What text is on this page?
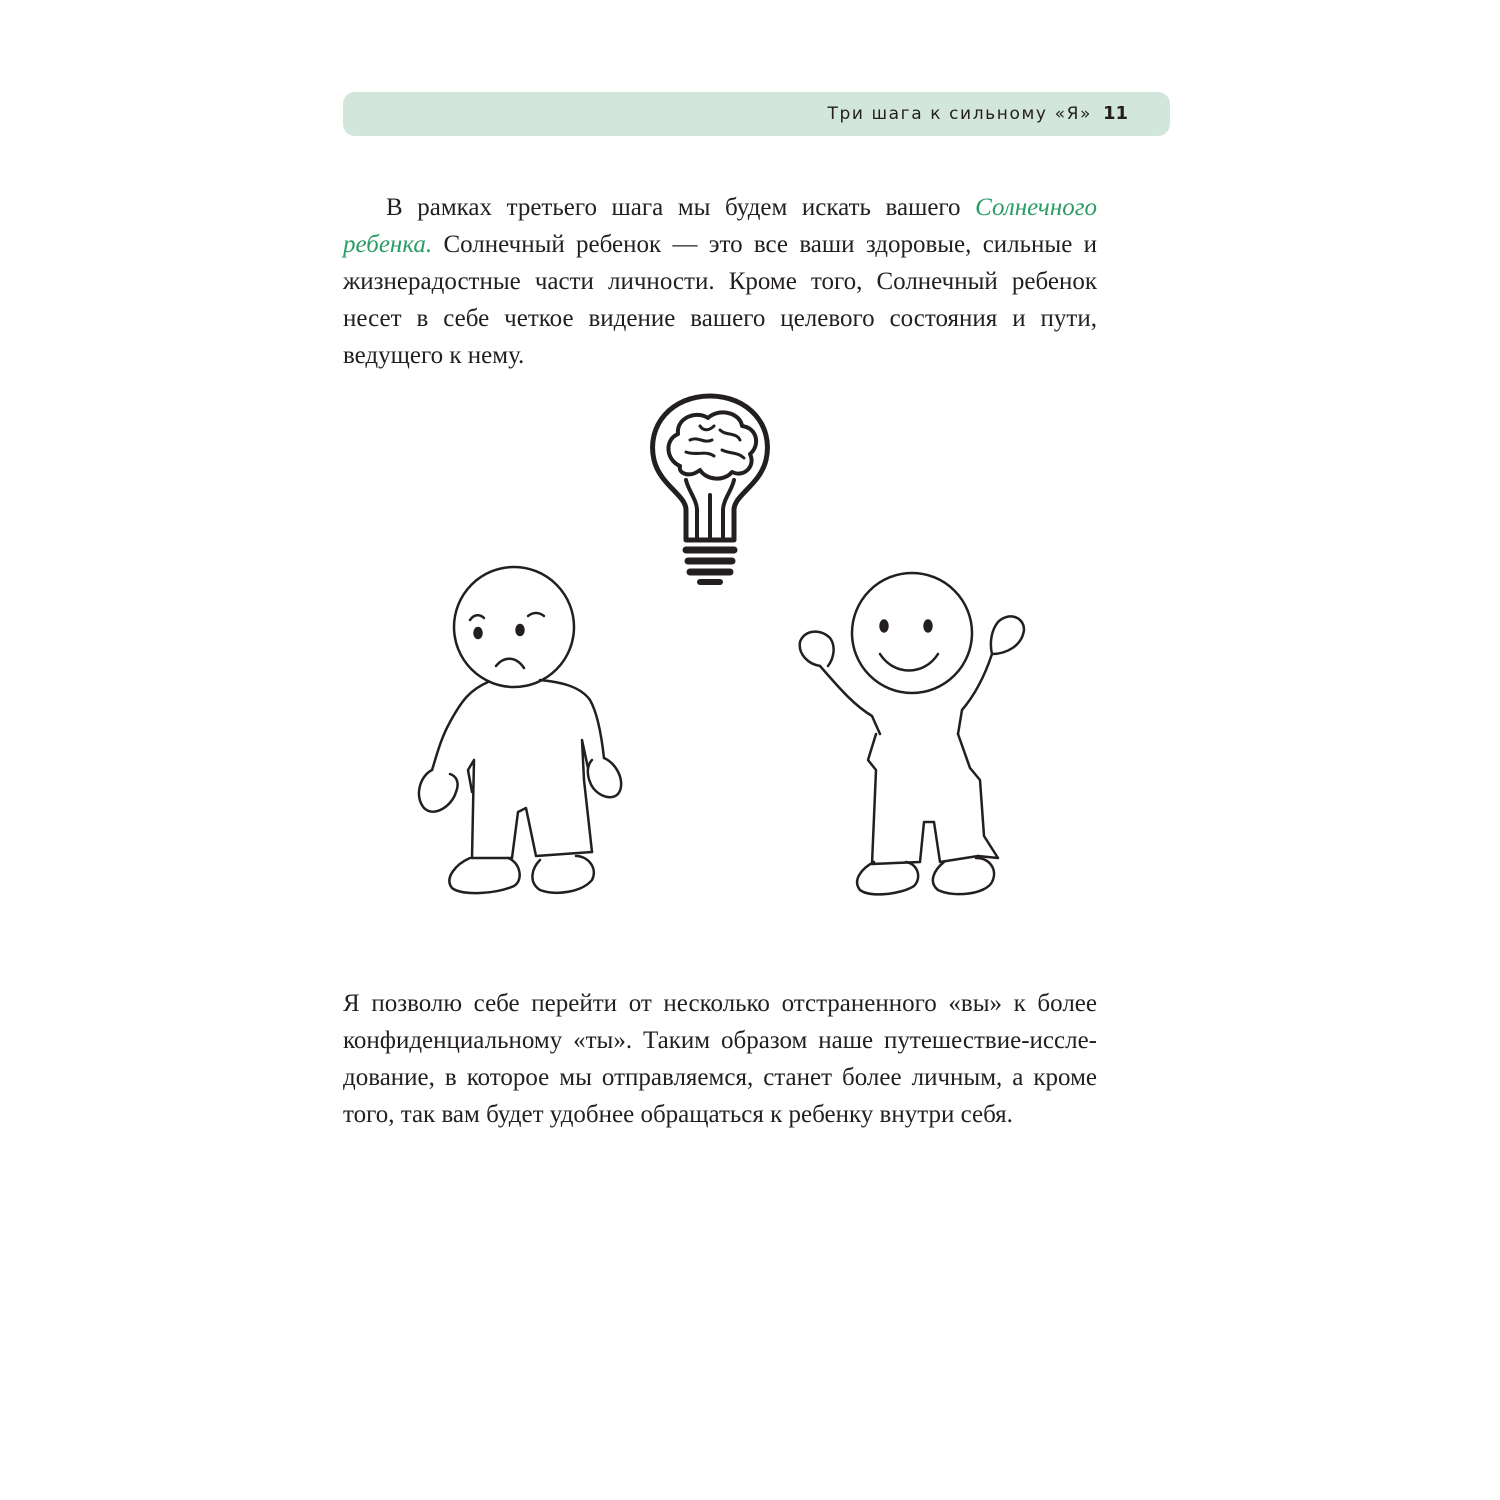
Три шага к сильному «Я» 11

В рамках третьего шага мы будем искать вашего Солнечного ребенка. Солнечный ребенок — это все ваши здоровые, сильные и жизнерадостные части личности. Кроме того, Солнечный ребенок несет в себе четкое видение вашего целевого состояния и пути, ведущего к нему.

Я позволю себе перейти от несколько отстраненного «вы» к более конфиденциальному «ты». Таким образом наше путешествие-исследование, в которое мы отправляемся, станет более личным, а кроме того, так вам будет удобнее обращаться к ребенку внутри себя.
